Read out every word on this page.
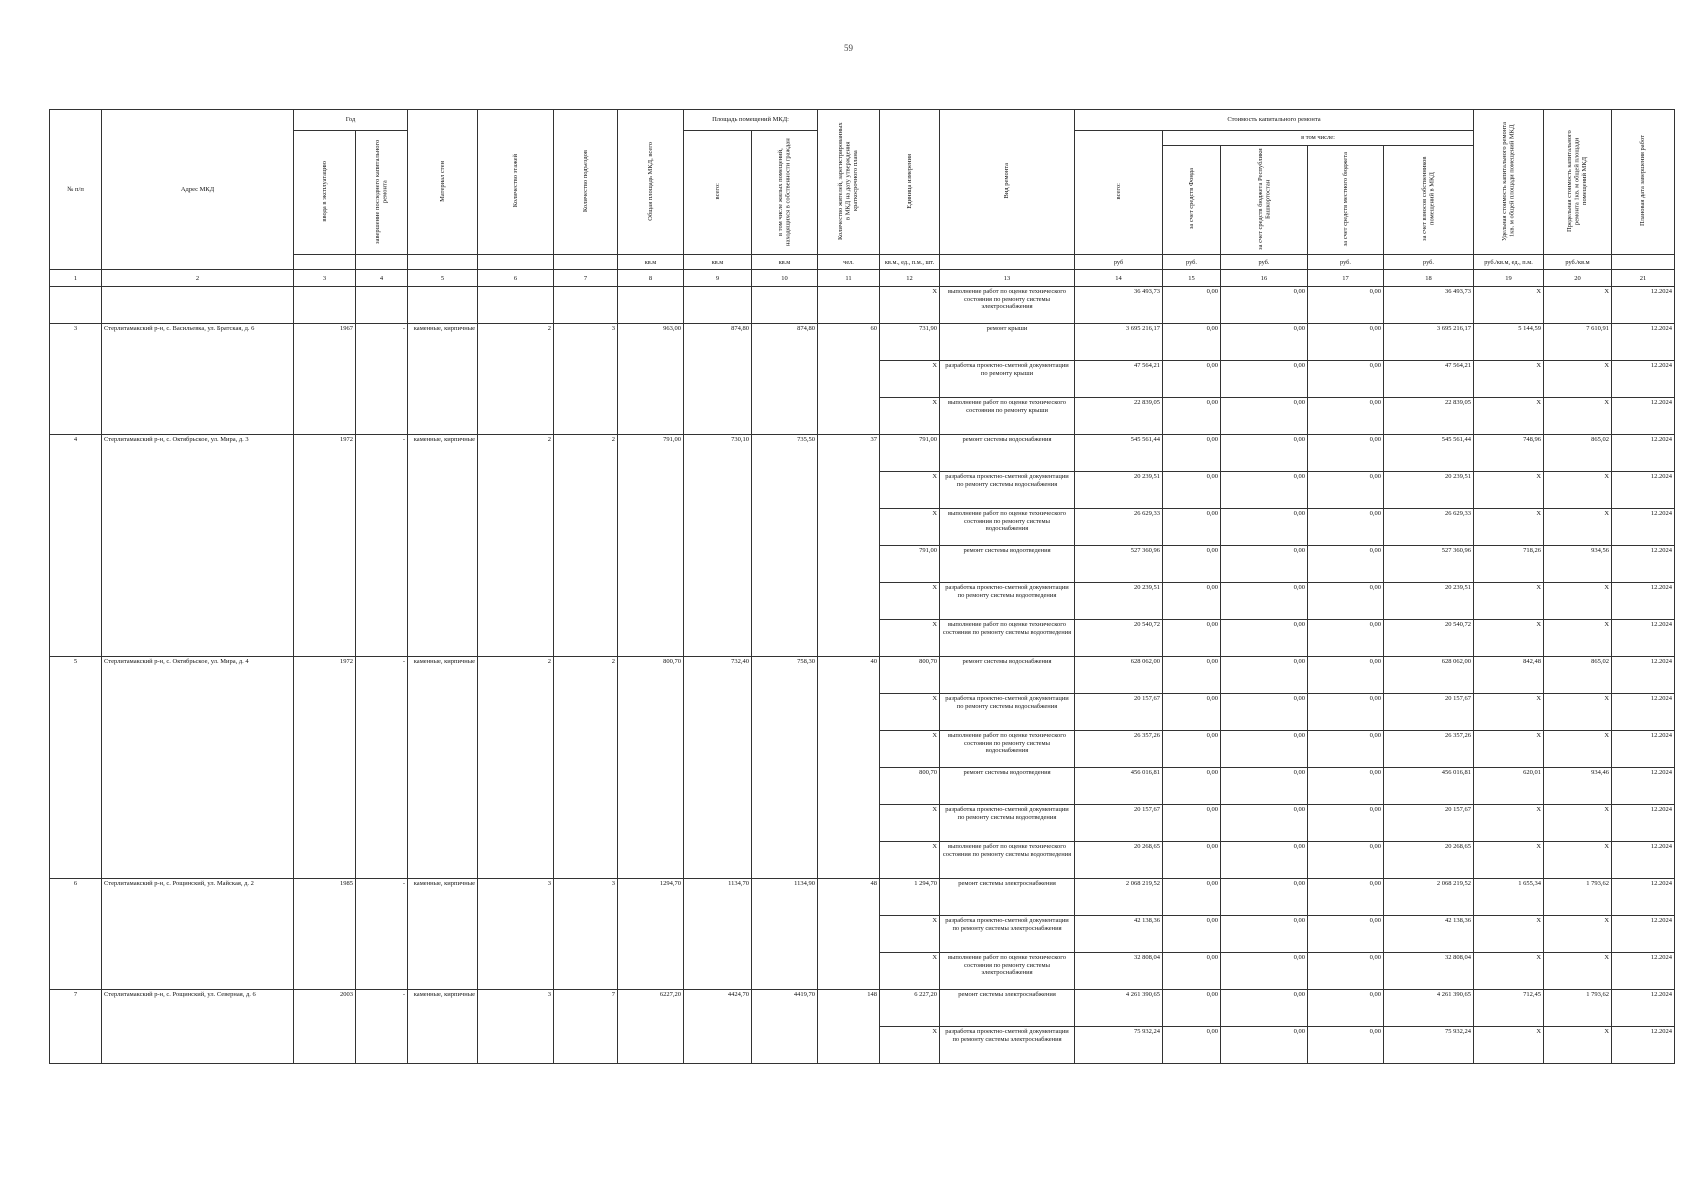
59
№ п/п	Адрес МКД	Год		Материал стен	Количество этажей	Количество подъездов	Общая площадь МКД, всего	Площадь помещений МКД:		Количество жителей, зарегистрированных в МКД на дату утверждения краткосрочного плана	Единица измерения	Вид ремонта	Стоимость капитального ремонта					Удельная стоимость капитального ремонта 1кв. м общей площади помещений МКД	Предельная стоимость капитального ремонта 1кв. м общей площади помещений МКД	Плановая дата завершения работ
		ввода в эксплуатацию	завершение последнего капитального ремонта					всего:	в том числе жилых помещений, находящихся в собственности граждан				всего:	в том числе:						
														за счет средств Фонда	за счет средств бюджета Республики Башкортостан	за счет средств местного бюджета	за счет взносов собственников помещений в МКД			
							кв.м	кв.м	кв.м	чел.	кв.м., ед., п.м., шт.		руб	руб.	руб.	руб.	руб.	руб./кв.м, ед., п.м.	руб./кв.м	
1	2	3	4	5	6	7	8	9	10	11	12	13	14	15	16	17	18	19	20	21
											X	выполнение работ по оценке технического состояния по ремонту системы электроснабжения	36 493,73	0,00	0,00	0,00	36 493,73	X	X	12.2024
3	Стерлитамакский р-н, с. Васильевка, ул. Братская, д. 6	1967	-	каменные, кирпичные	2	3	963,00	874,80	874,80	60	731,90	ремонт крыши	3 695 216,17	0,00	0,00	0,00	3 695 216,17	5 144,59	7 610,91	12.2024
											X	разработка проектно-сметной документации по ремонту крыши	47 564,21	0,00	0,00	0,00	47 564,21	X	X	12.2024
											X	выполнение работ по оценке технического состояния по ремонту крыши	22 839,05	0,00	0,00	0,00	22 839,05	X	X	12.2024
4	Стерлитамакский р-н, с. Октябрьское, ул. Мира, д. 3	1972	-	каменные, кирпичные	2	2	791,00	730,10	735,50	37	791,00	ремонт системы водоснабжения	545 561,44	0,00	0,00	0,00	545 561,44	748,96	865,02	12.2024
											X	разработка проектно-сметной документации по ремонту системы водоснабжения	20 239,51	0,00	0,00	0,00	20 239,51	X	X	12.2024
											X	выполнение работ по оценке технического состояния по ремонту системы водоснабжения	26 629,33	0,00	0,00	0,00	26 629,33	X	X	12.2024
											791,00	ремонт системы водоотведения	527 360,96	0,00	0,00	0,00	527 360,96	718,26	934,56	12.2024
											X	разработка проектно-сметной документации по ремонту системы водоотведения	20 239,51	0,00	0,00	0,00	20 239,51	X	X	12.2024
											X	выполнение работ по оценке технического состояния по ремонту системы водоотведения	20 540,72	0,00	0,00	0,00	20 540,72	X	X	12.2024
5	Стерлитамакский р-н, с. Октябрьское, ул. Мира, д. 4	1972	-	каменные, кирпичные	2	2	800,70	732,40	758,30	40	800,70	ремонт системы водоснабжения	628 062,00	0,00	0,00	0,00	628 062,00	842,48	865,02	12.2024
											X	разработка проектно-сметной документации по ремонту системы водоснабжения	20 157,67	0,00	0,00	0,00	20 157,67	X	X	12.2024
											X	выполнение работ по оценке технического состояния по ремонту системы водоснабжения	26 357,26	0,00	0,00	0,00	26 357,26	X	X	12.2024
											800,70	ремонт системы водоотведения	456 016,81	0,00	0,00	0,00	456 016,81	620,01	934,46	12.2024
											X	разработка проектно-сметной документации по ремонту системы водоотведения	20 157,67	0,00	0,00	0,00	20 157,67	X	X	12.2024
											X	выполнение работ по оценке технического состояния по ремонту системы водоотведения	20 268,65	0,00	0,00	0,00	20 268,65	X	X	12.2024
6	Стерлитамакский р-н, с. Рощинский, ул. Майская, д. 2	1985	-	каменные, кирпичные	3	3	1294,70	1134,70	1134,90	48	1 294,70	ремонт системы электроснабжения	2 068 219,52	0,00	0,00	0,00	2 068 219,52	1 655,34	1 793,62	12.2024
											X	разработка проектно-сметной документации по ремонту системы электроснабжения	42 138,36	0,00	0,00	0,00	42 138,36	X	X	12.2024
											X	выполнение работ по оценке технического состояния по ремонту системы электроснабжения	32 808,04	0,00	0,00	0,00	32 808,04	X	X	12.2024
7	Стерлитамакский р-н, с. Рощинский, ул. Северная, д. 6	2003	-	каменные, кирпичные	3	7	6227,20	4424,70	4419,70	148	6 227,20	ремонт системы электроснабжения	4 261 390,65	0,00	0,00	0,00	4 261 390,65	712,45	1 793,62	12.2024
											X	разработка проектно-сметной документации по ремонту системы электроснабжения	75 932,24	0,00	0,00	0,00	75 932,24	X	X	12.2024
